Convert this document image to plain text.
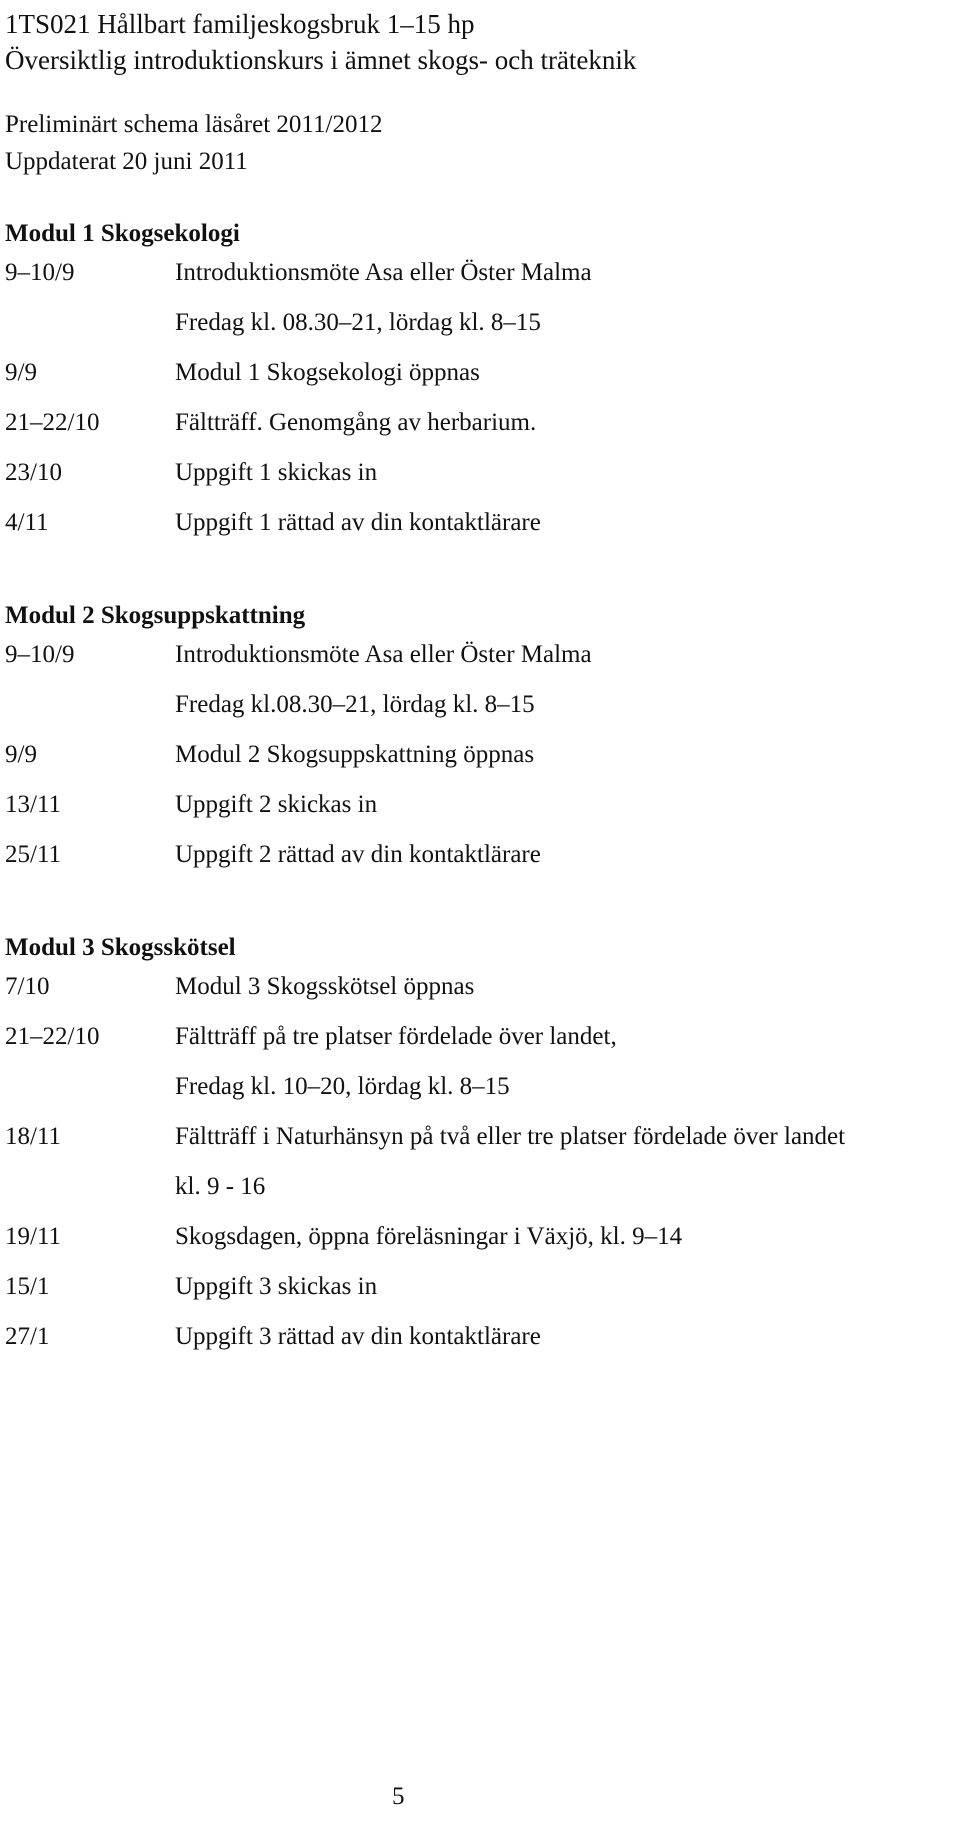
1TS021 Hållbart familjeskogsbruk 1–15 hp
Översiktlig introduktionskurs i ämnet skogs- och träteknik
Preliminärt schema läsåret 2011/2012
Uppdaterat 20 juni 2011
Modul 1 Skogsekologi
9–10/9	Introduktionsmöte Asa eller Öster Malma
Fredag kl. 08.30–21, lördag kl. 8–15
9/9	Modul 1 Skogsekologi öppnas
21–22/10	Fältträff. Genomgång av herbarium.
23/10	Uppgift 1 skickas in
4/11	Uppgift 1 rättad av din kontaktlärare
Modul 2 Skogsuppskattning
9–10/9	Introduktionsmöte Asa eller Öster Malma
Fredag kl.08.30–21, lördag kl. 8–15
9/9	Modul 2 Skogsuppskattning öppnas
13/11	Uppgift 2 skickas in
25/11	Uppgift 2 rättad av din kontaktlärare
Modul 3 Skogsskötsel
7/10	Modul 3 Skogsskötsel öppnas
21–22/10	Fältträff på tre platser fördelade över landet,
Fredag kl. 10–20, lördag kl. 8–15
18/11	Fältträff i Naturhänsyn på två eller tre platser fördelade över landet
kl. 9 - 16
19/11	Skogsdagen, öppna föreläsningar i Växjö, kl. 9–14
15/1	Uppgift 3 skickas in
27/1	Uppgift 3 rättad av din kontaktlärare
5
